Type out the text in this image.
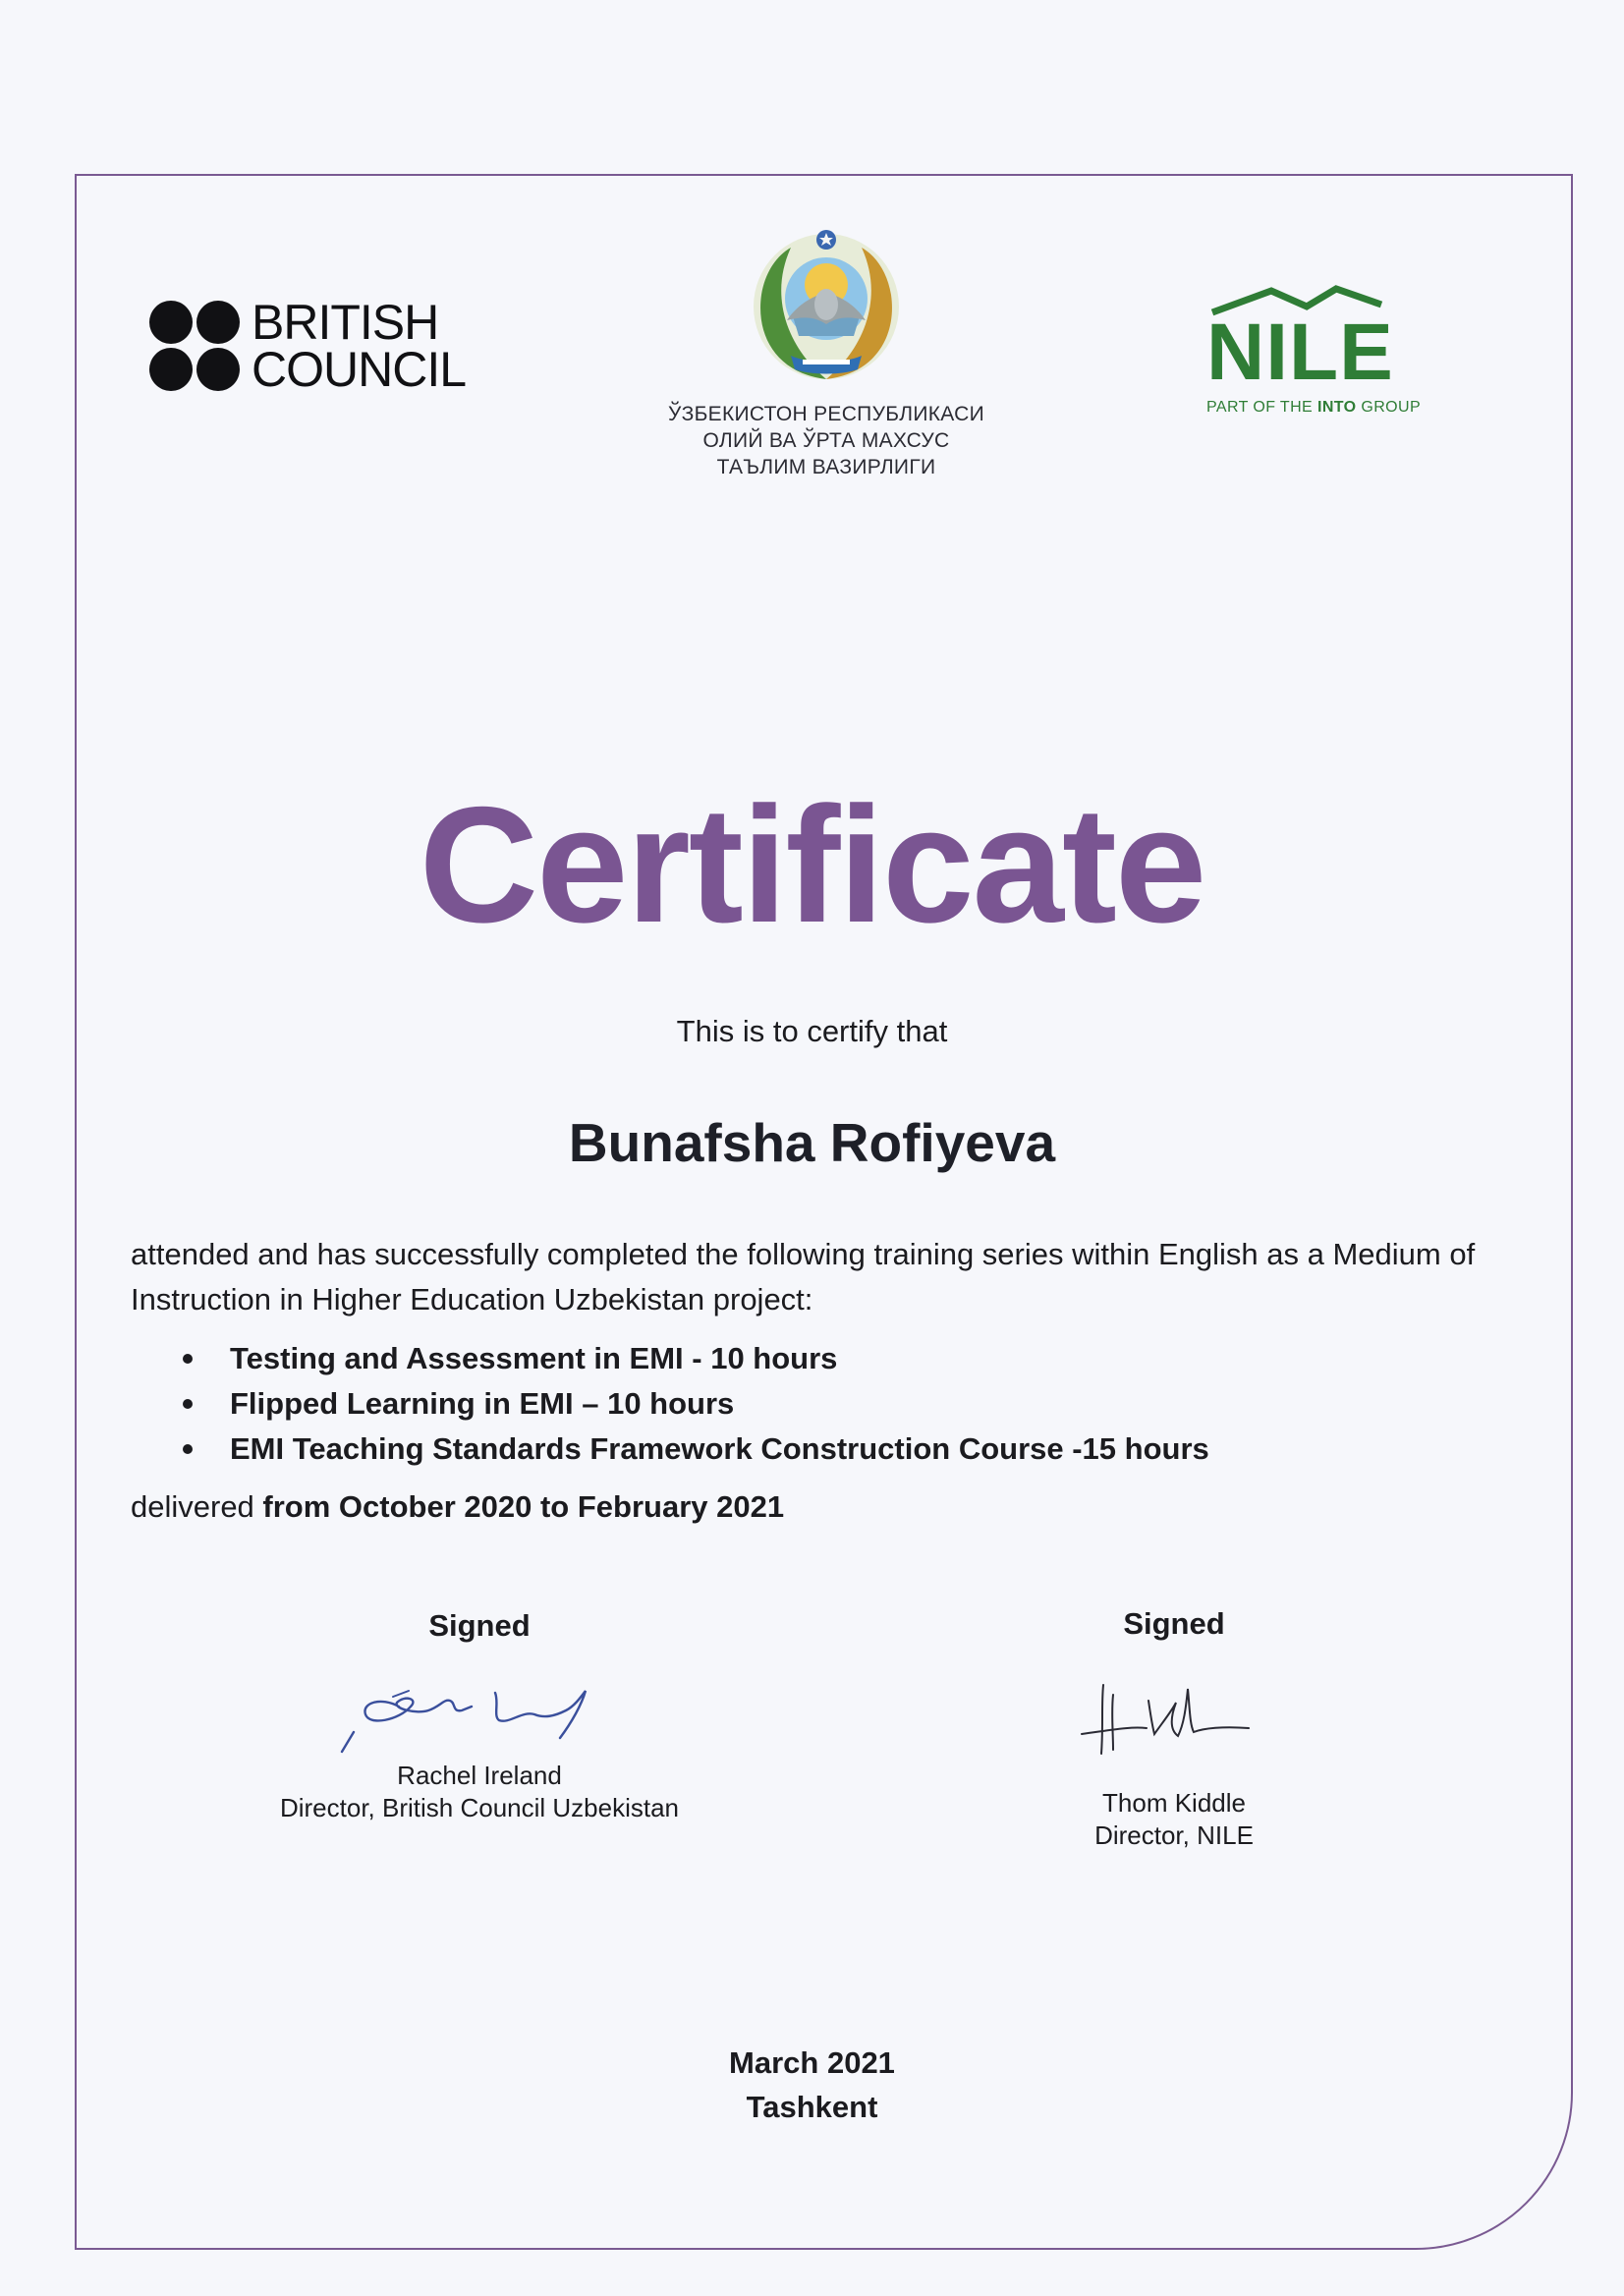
BRITISH
COUNCIL
ЎЗБЕКИСТОН РЕСПУБЛИКАСИ
ОЛИЙ ВА ЎРТА МАХСУС
ТАЪЛИМ ВАЗИРЛИГИ
NILE
PART OF THE INTO GROUP
Certificate
This is to certify that
Bunafsha Rofiyeva
attended and has successfully completed the following training series within English as a Medium of Instruction in Higher Education Uzbekistan project:
Testing and Assessment in EMI - 10 hours
Flipped Learning in EMI – 10 hours
EMI Teaching Standards Framework Construction Course -15 hours
delivered from October 2020 to February 2021
Signed
Rachel Ireland
Director, British Council Uzbekistan
Signed
Thom Kiddle
Director, NILE
March 2021
Tashkent
